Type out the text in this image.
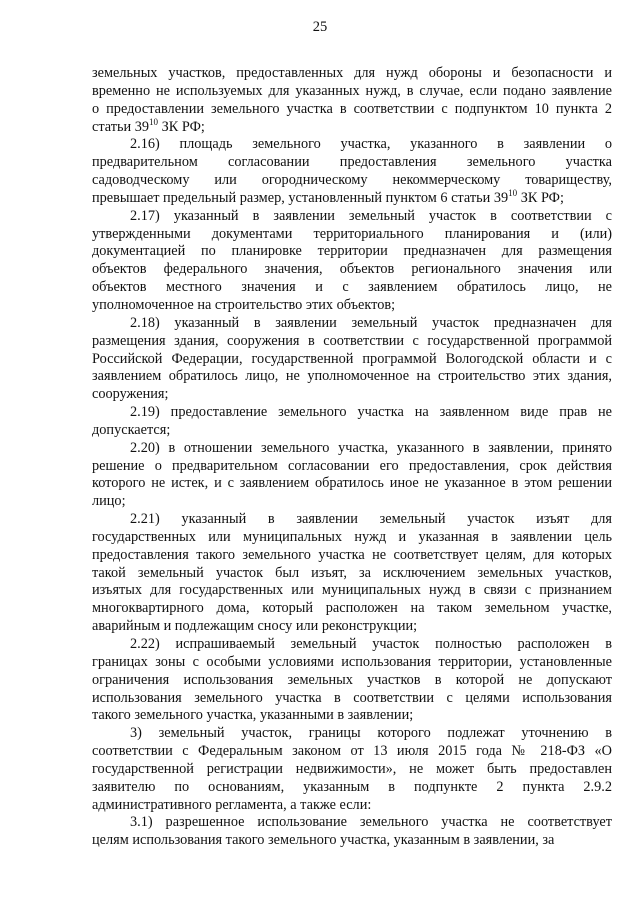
25

земельных участков, предоставленных для нужд обороны и безопасности и
временно не используемых для указанных нужд, в случае, если подано заявление
о предоставлении земельного участка в соответствии с подпунктом 10 пункта 2
статьи $39^{10}$ ЗК РФ;

2.16) площадь земельного участка, указанного в заявлении о
предварительном согласовании предоставления земельного участка
садоводческому или огородническому некоммерческому товариществу,
превышает предельный размер, установленный пунктом 6 статьи $39^{10}$ ЗК РФ;

2.17) указанный в заявлении земельный участок в соответствии с
утвержденными документами территориального планирования и (или)
документацией по планировке территории предназначен для размещения
объектов федерального значения, объектов регионального значения или
объектов местного значения и с заявлением обратилось лицо, не
уполномоченное на строительство этих объектов;

2.18) указанный в заявлении земельный участок предназначен для
размещения здания, сооружения в соответствии с государственной программой
Российской Федерации, государственной программой Вологодской области и с
заявлением обратилось лицо, не уполномоченное на строительство этих здания,
сооружения;

2.19) предоставление земельного участка на заявленном виде прав не
допускается;

2.20) в отношении земельного участка, указанного в заявлении, принято
решение о предварительном согласовании его предоставления, срок действия
которого не истек, и с заявлением обратилось иное не указанное в этом решении
лицо;

2.21) указанный в заявлении земельный участок изъят для
государственных или муниципальных нужд и указанная в заявлении цель
предоставления такого земельного участка не соответствует целям, для которых
такой земельный участок был изъят, за исключением земельных участков,
изъятых для государственных или муниципальных нужд в связи с признанием
многоквартирного дома, который расположен на таком земельном участке,
аварийным и подлежащим сносу или реконструкции;

2.22) испрашиваемый земельный участок полностью расположен в
границах зоны с особыми условиями использования территории, установленные
ограничения использования земельных участков в которой не допускают
использования земельного участка в соответствии с целями использования
такого земельного участка, указанными в заявлении;

3) земельный участок, границы которого подлежат уточнению в
соответствии с Федеральным законом от 13 июля 2015 года № 218-ФЗ «О
государственной регистрации недвижимости», не может быть предоставлен
заявителю по основаниям, указанным в подпункте 2 пункта 2.9.2
административного регламента, а также если:

3.1) разрешенное использование земельного участка не соответствует
целям использования такого земельного участка, указанным в заявлении, за
